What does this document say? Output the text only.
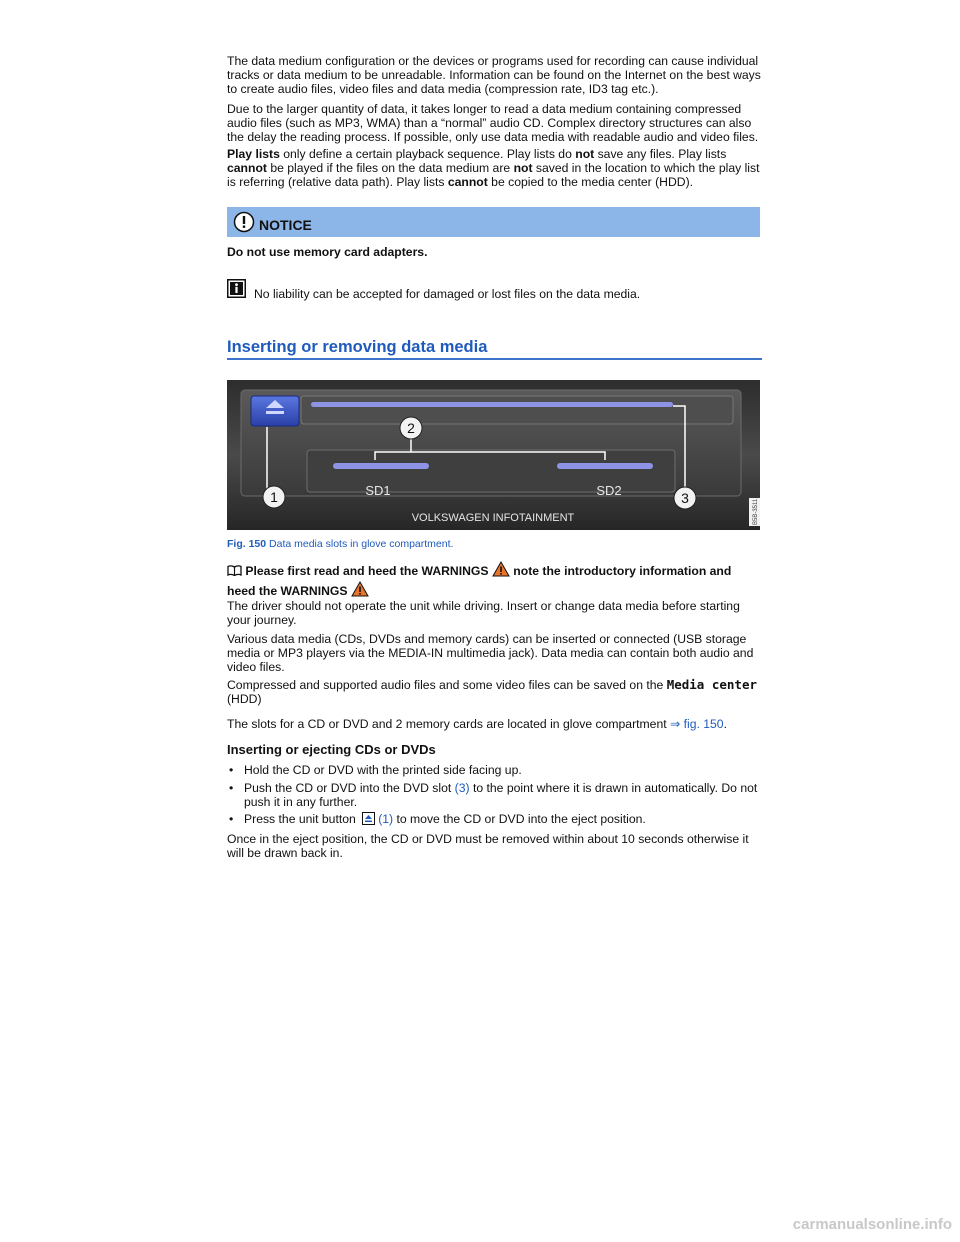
The data medium configuration or the devices or programs used for recording can cause individual tracks or data medium to be unreadable. Information can be found on the Internet on the best ways to create audio files, video files and data media (compression rate, ID3 tag etc.).

Due to the larger quantity of data, it takes longer to read a data medium containing compressed audio files (such as MP3, WMA) than a “normal” audio CD. Complex directory structures can also the delay the reading process. If possible, only use data media with readable audio and video files.

Play lists only define a certain playback sequence. Play lists do not save any files. Play lists cannot be played if the files on the data medium are not saved in the location to which the play list is referring (relative data path). Play lists cannot be copied to the media center (HDD).

NOTICE

Do not use memory card adapters.

No liability can be accepted for damaged or lost files on the data media.

Inserting or removing data media
SD1	SD2
VOLKSWAGEN INFOTAINMENT
2
1	3
B5B-3511
Fig. 150 Data media slots in glove compartment.

Please first read and heed the WARNINGS  note the introductory information and heed the WARNINGS

The driver should not operate the unit while driving. Insert or change data media before starting your journey.

Various data media (CDs, DVDs and memory cards) can be inserted or connected (USB storage media or MP3 players via the MEDIA-IN multimedia jack). Data media can contain both audio and video files.

Compressed and supported audio files and some video files can be saved on the Media center
(HDD)

The slots for a CD or DVD and 2 memory cards are located in glove compartment ⇒ fig. 150.

Inserting or ejecting CDs or DVDs

• Hold the CD or DVD with the printed side facing up.
• Push the CD or DVD into the DVD slot (3) to the point where it is drawn in automatically. Do not push it in any further.
• Press the unit button (1) to move the CD or DVD into the eject position.

Once in the eject position, the CD or DVD must be removed within about 10 seconds otherwise it will be drawn back in.

carmanualsonline.info
